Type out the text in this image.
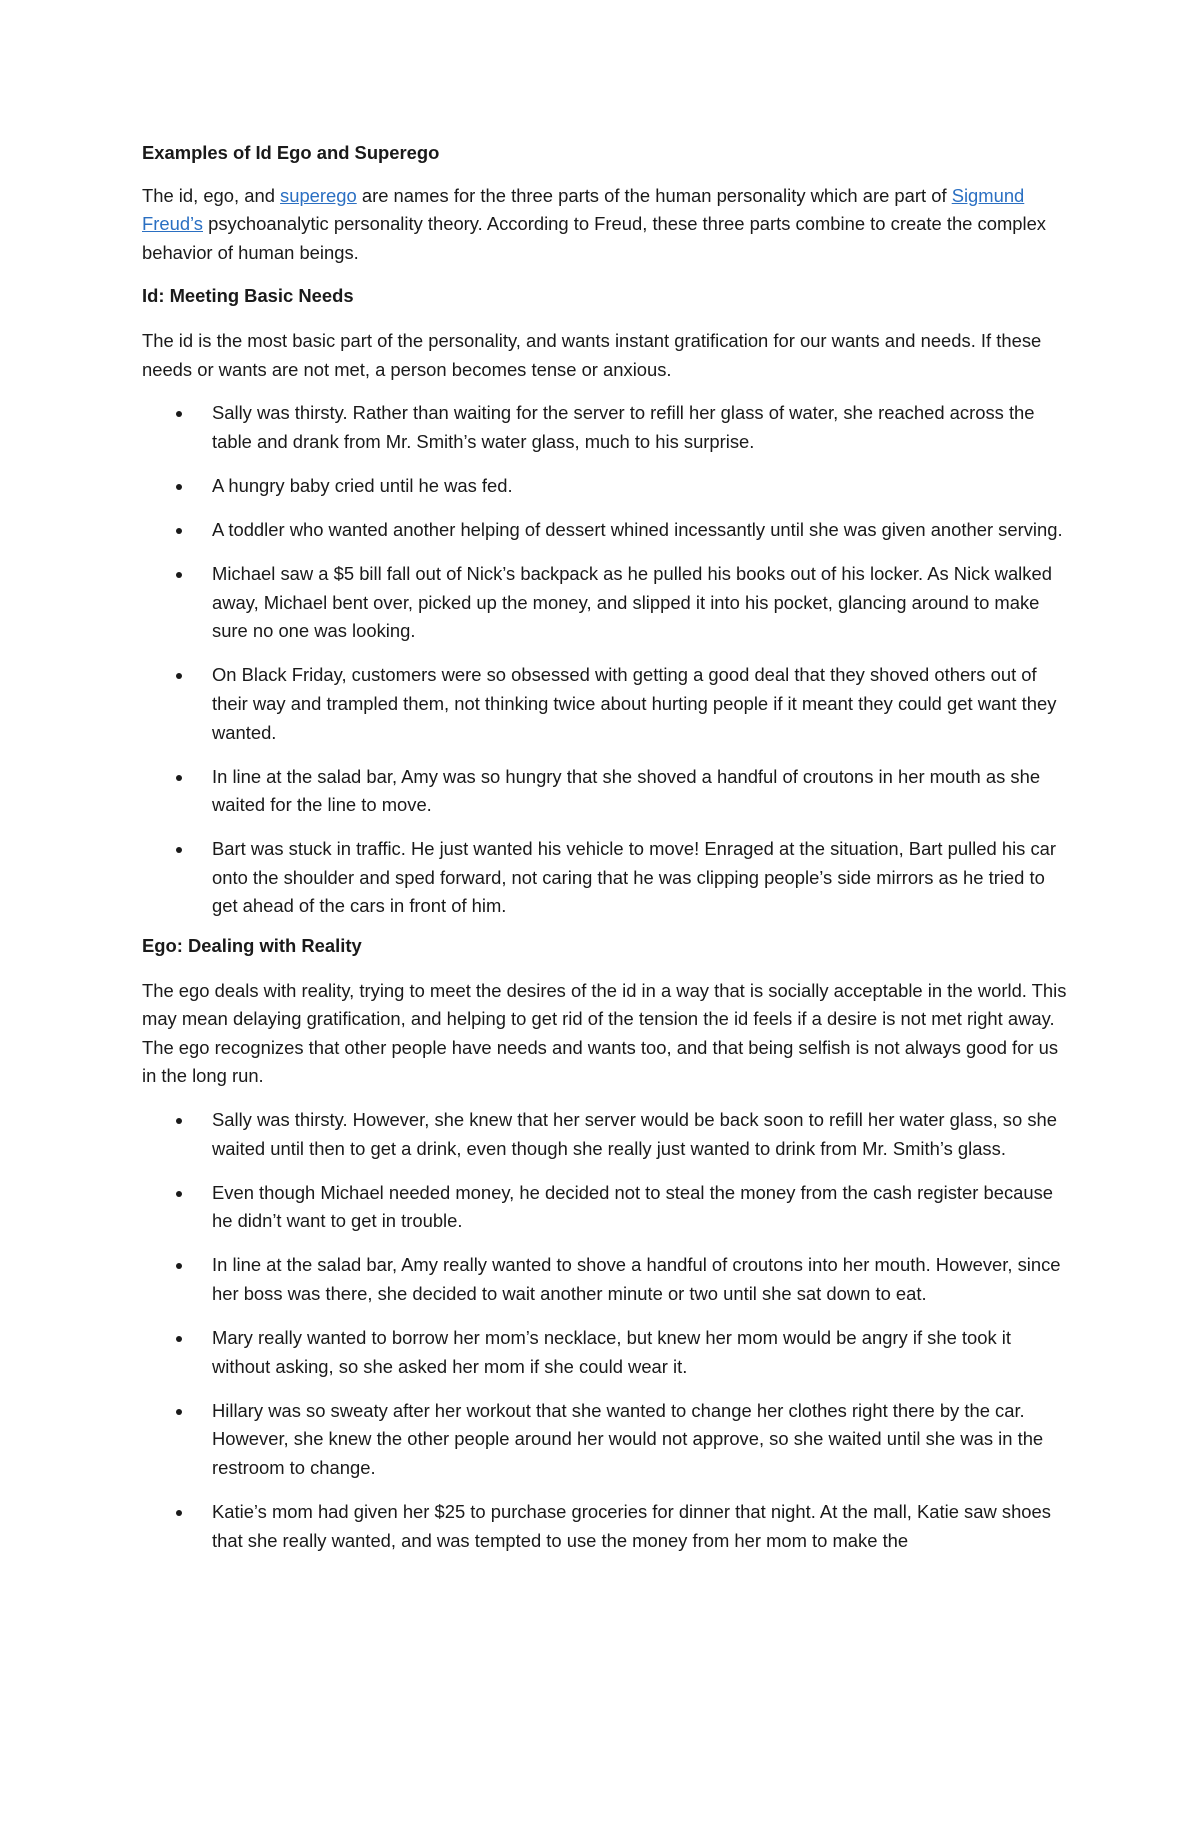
Examples of Id Ego and Superego

The id, ego, and superego are names for the three parts of the human personality which are part of Sigmund Freud’s psychoanalytic personality theory. According to Freud, these three parts combine to create the complex behavior of human beings.

Id: Meeting Basic Needs

The id is the most basic part of the personality, and wants instant gratification for our wants and needs. If these needs or wants are not met, a person becomes tense or anxious.

Sally was thirsty. Rather than waiting for the server to refill her glass of water, she reached across the table and drank from Mr. Smith’s water glass, much to his surprise.
A hungry baby cried until he was fed.
A toddler who wanted another helping of dessert whined incessantly until she was given another serving.
Michael saw a $5 bill fall out of Nick’s backpack as he pulled his books out of his locker. As Nick walked away, Michael bent over, picked up the money, and slipped it into his pocket, glancing around to make sure no one was looking.
On Black Friday, customers were so obsessed with getting a good deal that they shoved others out of their way and trampled them, not thinking twice about hurting people if it meant they could get want they wanted.
In line at the salad bar, Amy was so hungry that she shoved a handful of croutons in her mouth as she waited for the line to move.
Bart was stuck in traffic. He just wanted his vehicle to move! Enraged at the situation, Bart pulled his car onto the shoulder and sped forward, not caring that he was clipping people’s side mirrors as he tried to get ahead of the cars in front of him.

Ego: Dealing with Reality

The ego deals with reality, trying to meet the desires of the id in a way that is socially acceptable in the world. This may mean delaying gratification, and helping to get rid of the tension the id feels if a desire is not met right away. The ego recognizes that other people have needs and wants too, and that being selfish is not always good for us in the long run.

Sally was thirsty. However, she knew that her server would be back soon to refill her water glass, so she waited until then to get a drink, even though she really just wanted to drink from Mr. Smith’s glass.
Even though Michael needed money, he decided not to steal the money from the cash register because he didn’t want to get in trouble.
In line at the salad bar, Amy really wanted to shove a handful of croutons into her mouth. However, since her boss was there, she decided to wait another minute or two until she sat down to eat.
Mary really wanted to borrow her mom’s necklace, but knew her mom would be angry if she took it without asking, so she asked her mom if she could wear it.
Hillary was so sweaty after her workout that she wanted to change her clothes right there by the car. However, she knew the other people around her would not approve, so she waited until she was in the restroom to change.
Katie’s mom had given her $25 to purchase groceries for dinner that night. At the mall, Katie saw shoes that she really wanted, and was tempted to use the money from her mom to make the
